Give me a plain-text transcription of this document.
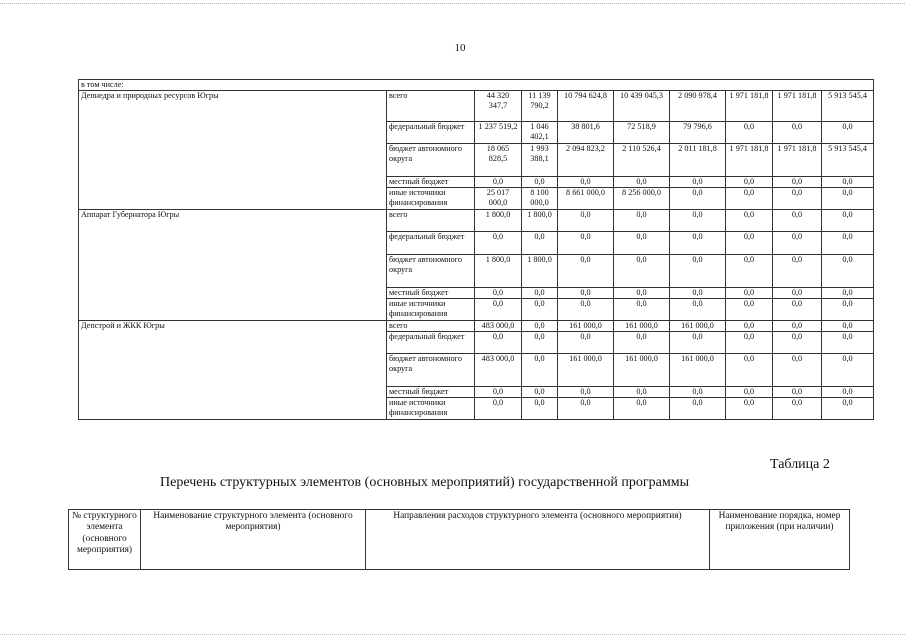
10
в том числе:									
Депнедра и природных ресурсов Югры	всего	44 320 347,7	11 139 790,2	10 794 624,8	10 439 045,3	2 090 978,4	1 971 181,8	1 971 181,8	5 913 545,4
	федеральный бюджет	1 237 519,2	1 046 402,1	38 801,6	72 518,9	79 796,6	0,0	0,0	0,0
	бюджет автономного округа	18 065 828,5	1 993 388,1	2 094 823,2	2 110 526,4	2 011 181,8	1 971 181,8	1 971 181,8	5 913 545,4
	местный бюджет	0,0	0,0	0,0	0,0	0,0	0,0	0,0	0,0
	иные источники финансирования	25 017 000,0	8 100 000,0	8 661 000,0	8 256 000,0	0,0	0,0	0,0	0,0
Аппарат Губернатора Югры	всего	1 800,0	1 800,0	0,0	0,0	0,0	0,0	0,0	0,0
	федеральный бюджет	0,0	0,0	0,0	0,0	0,0	0,0	0,0	0,0
	бюджет автономного округа	1 800,0	1 800,0	0,0	0,0	0,0	0,0	0,0	0,0
	местный бюджет	0,0	0,0	0,0	0,0	0,0	0,0	0,0	0,0
	иные источники финансирования	0,0	0,0	0,0	0,0	0,0	0,0	0,0	0,0
Депстрой и ЖКК Югры	всего	483 000,0	0,0	161 000,0	161 000,0	161 000,0	0,0	0,0	0,0
	федеральный бюджет	0,0	0,0	0,0	0,0	0,0	0,0	0,0	0,0
	бюджет автономного округа	483 000,0	0,0	161 000,0	161 000,0	161 000,0	0,0	0,0	0,0
	местный бюджет	0,0	0,0	0,0	0,0	0,0	0,0	0,0	0,0
	иные источники финансирования	0,0	0,0	0,0	0,0	0,0	0,0	0,0	0,0
Таблица 2
Перечень структурных элементов (основных мероприятий) государственной программы
№ структурного элемента (основного мероприятия)	Наименование структурного элемента (основного мероприятия)	Направления расходов структурного элемента (основного мероприятия)	Наименование порядка, номер приложения (при наличии)
